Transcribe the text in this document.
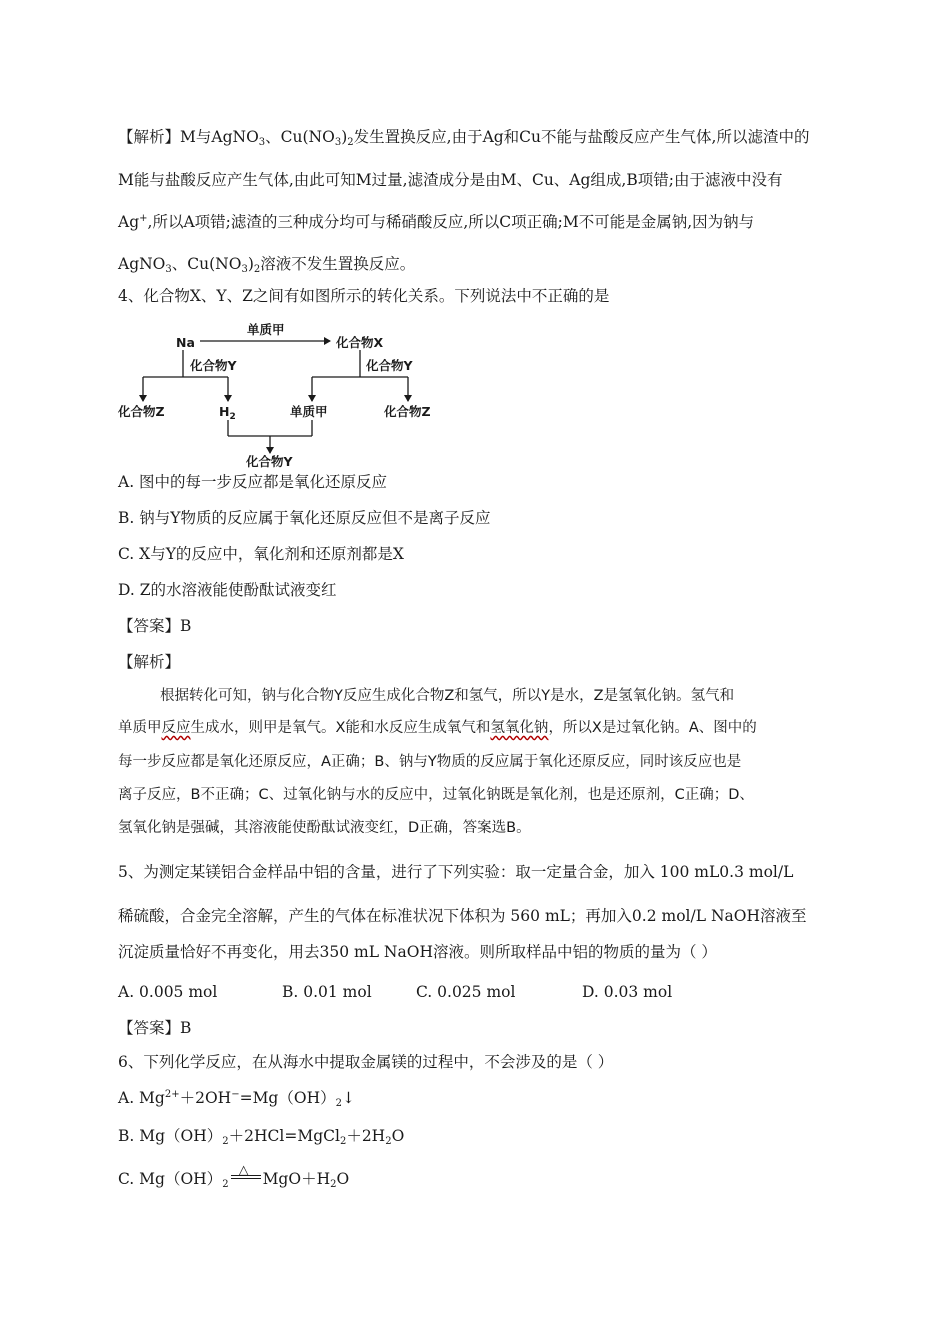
【解析】M与AgNO$_3$、$Cu(NO_3)_2$发生置换反应,由于Ag和Cu不能与盐酸反应产生气体,所以滤渣中的
M能与盐酸反应产生气体,由此可知M过量,滤渣成分是由M、Cu、Ag组成,B项错;由于滤液中没有
Ag+,所以A项错;滤渣的三种成分均可与稀硝酸反应,所以C项正确;M不可能是金属钠,因为钠与
AgNO$_3$、$Cu(NO_3)_2$溶液不发生置换反应。
4、化合物X、Y、Z之间有如图所示的转化关系。下列说法中不正确的是
Na
单质甲
化合物X
化合物Y	化合物Y
化合物Z	$H_2$	单质甲	化合物Z
化合物Y
A. 图中的每一步反应都是氧化还原反应
B. 钠与Y物质的反应属于氧化还原反应但不是离子反应
C. X与Y的反应中，氧化剂和还原剂都是X
D. Z的水溶液能使酚酞试液变红
【答案】B
【解析】
根据转化可知，钠与化合物Y反应生成化合物Z和氢气，所以Y是水，Z是氢氧化钠。氢气和
单质甲反应生成水，则甲是氧气。X能和水反应生成氧气和氢氧化钠，所以X是过氧化钠。A、图中的
每一步反应都是氧化还原反应，A正确；B、钠与Y物质的反应属于氧化还原反应，同时该反应也是
离子反应，B不正确；C、过氧化钠与水的反应中，过氧化钠既是氧化剂，也是还原剂，C正确；D、
氢氧化钠是强碱，其溶液能使酚酞试液变红，D正确，答案选B。
5、为测定某镁铝合金样品中铝的含量，进行了下列实验：取一定量合金，加入 100 mL0.3 mol/L
稀硫酸，合金完全溶解，产生的气体在标准状况下体积为 560 mL；再加入0.2 mol/L NaOH溶液至
沉淀质量恰好不再变化，用去350 mL NaOH溶液。则所取样品中铝的物质的量为（ ）
A. 0.005 mol	B. 0.01 mol	C. 0.025 mol	D. 0.03 mol
【答案】B
6、下列化学反应，在从海水中提取金属镁的过程中，不会涉及的是（ ）
A. $Mg^{2+}+2OH^-=Mg(OH)_2↓$
B. $Mg(OH)_2+2HCl=MgCl_2+2H_2O$
C. $Mg(OH)_2$
△ $MgO+H_2O$
